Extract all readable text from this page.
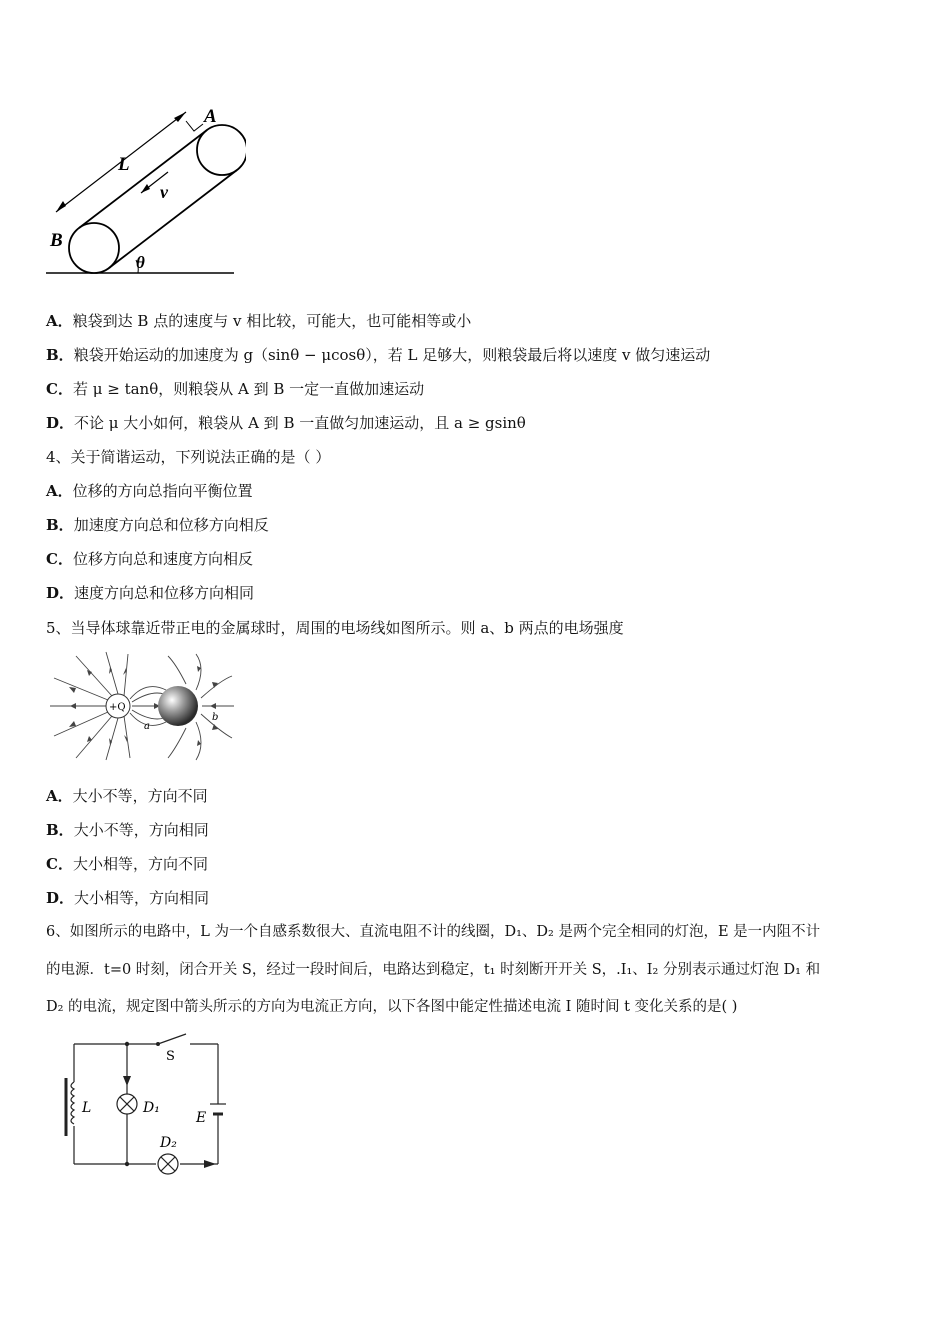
A
B
L
v
θ
A．粮袋到达 B 点的速度与 v 相比较，可能大，也可能相等或小
B．粮袋开始运动的加速度为 g（sinθ − μcosθ），若 L 足够大，则粮袋最后将以速度 v 做匀速运动
C．若 μ ≥ tanθ，则粮袋从 A 到 B 一定一直做加速运动
D．不论 μ 大小如何，粮袋从 A 到 B 一直做匀加速运动，且 a ≥ gsinθ
4、关于简谐运动，下列说法正确的是（ ）
A．位移的方向总指向平衡位置
B．加速度方向总和位移方向相反
C．位移方向总和速度方向相反
D．速度方向总和位移方向相同
5、当导体球靠近带正电的金属球时，周围的电场线如图所示。则 a、b 两点的电场强度
+Q
a
b
A．大小不等，方向不同
B．大小不等，方向相同
C．大小相等，方向不同
D．大小相等，方向相同
6、如图所示的电路中，L 为一个自感系数很大、直流电阻不计的线圈，D₁、D₂ 是两个完全相同的灯泡，E 是一内阻不计
的电源．t=0 时刻，闭合开关 S，经过一段时间后，电路达到稳定，t₁ 时刻断开开关 S，.I₁、I₂ 分别表示通过灯泡 D₁ 和
D₂ 的电流，规定图中箭头所示的方向为电流正方向，以下各图中能定性描述电流 I 随时间 t 变化关系的是( )
S
L	D₁
D₂
E
